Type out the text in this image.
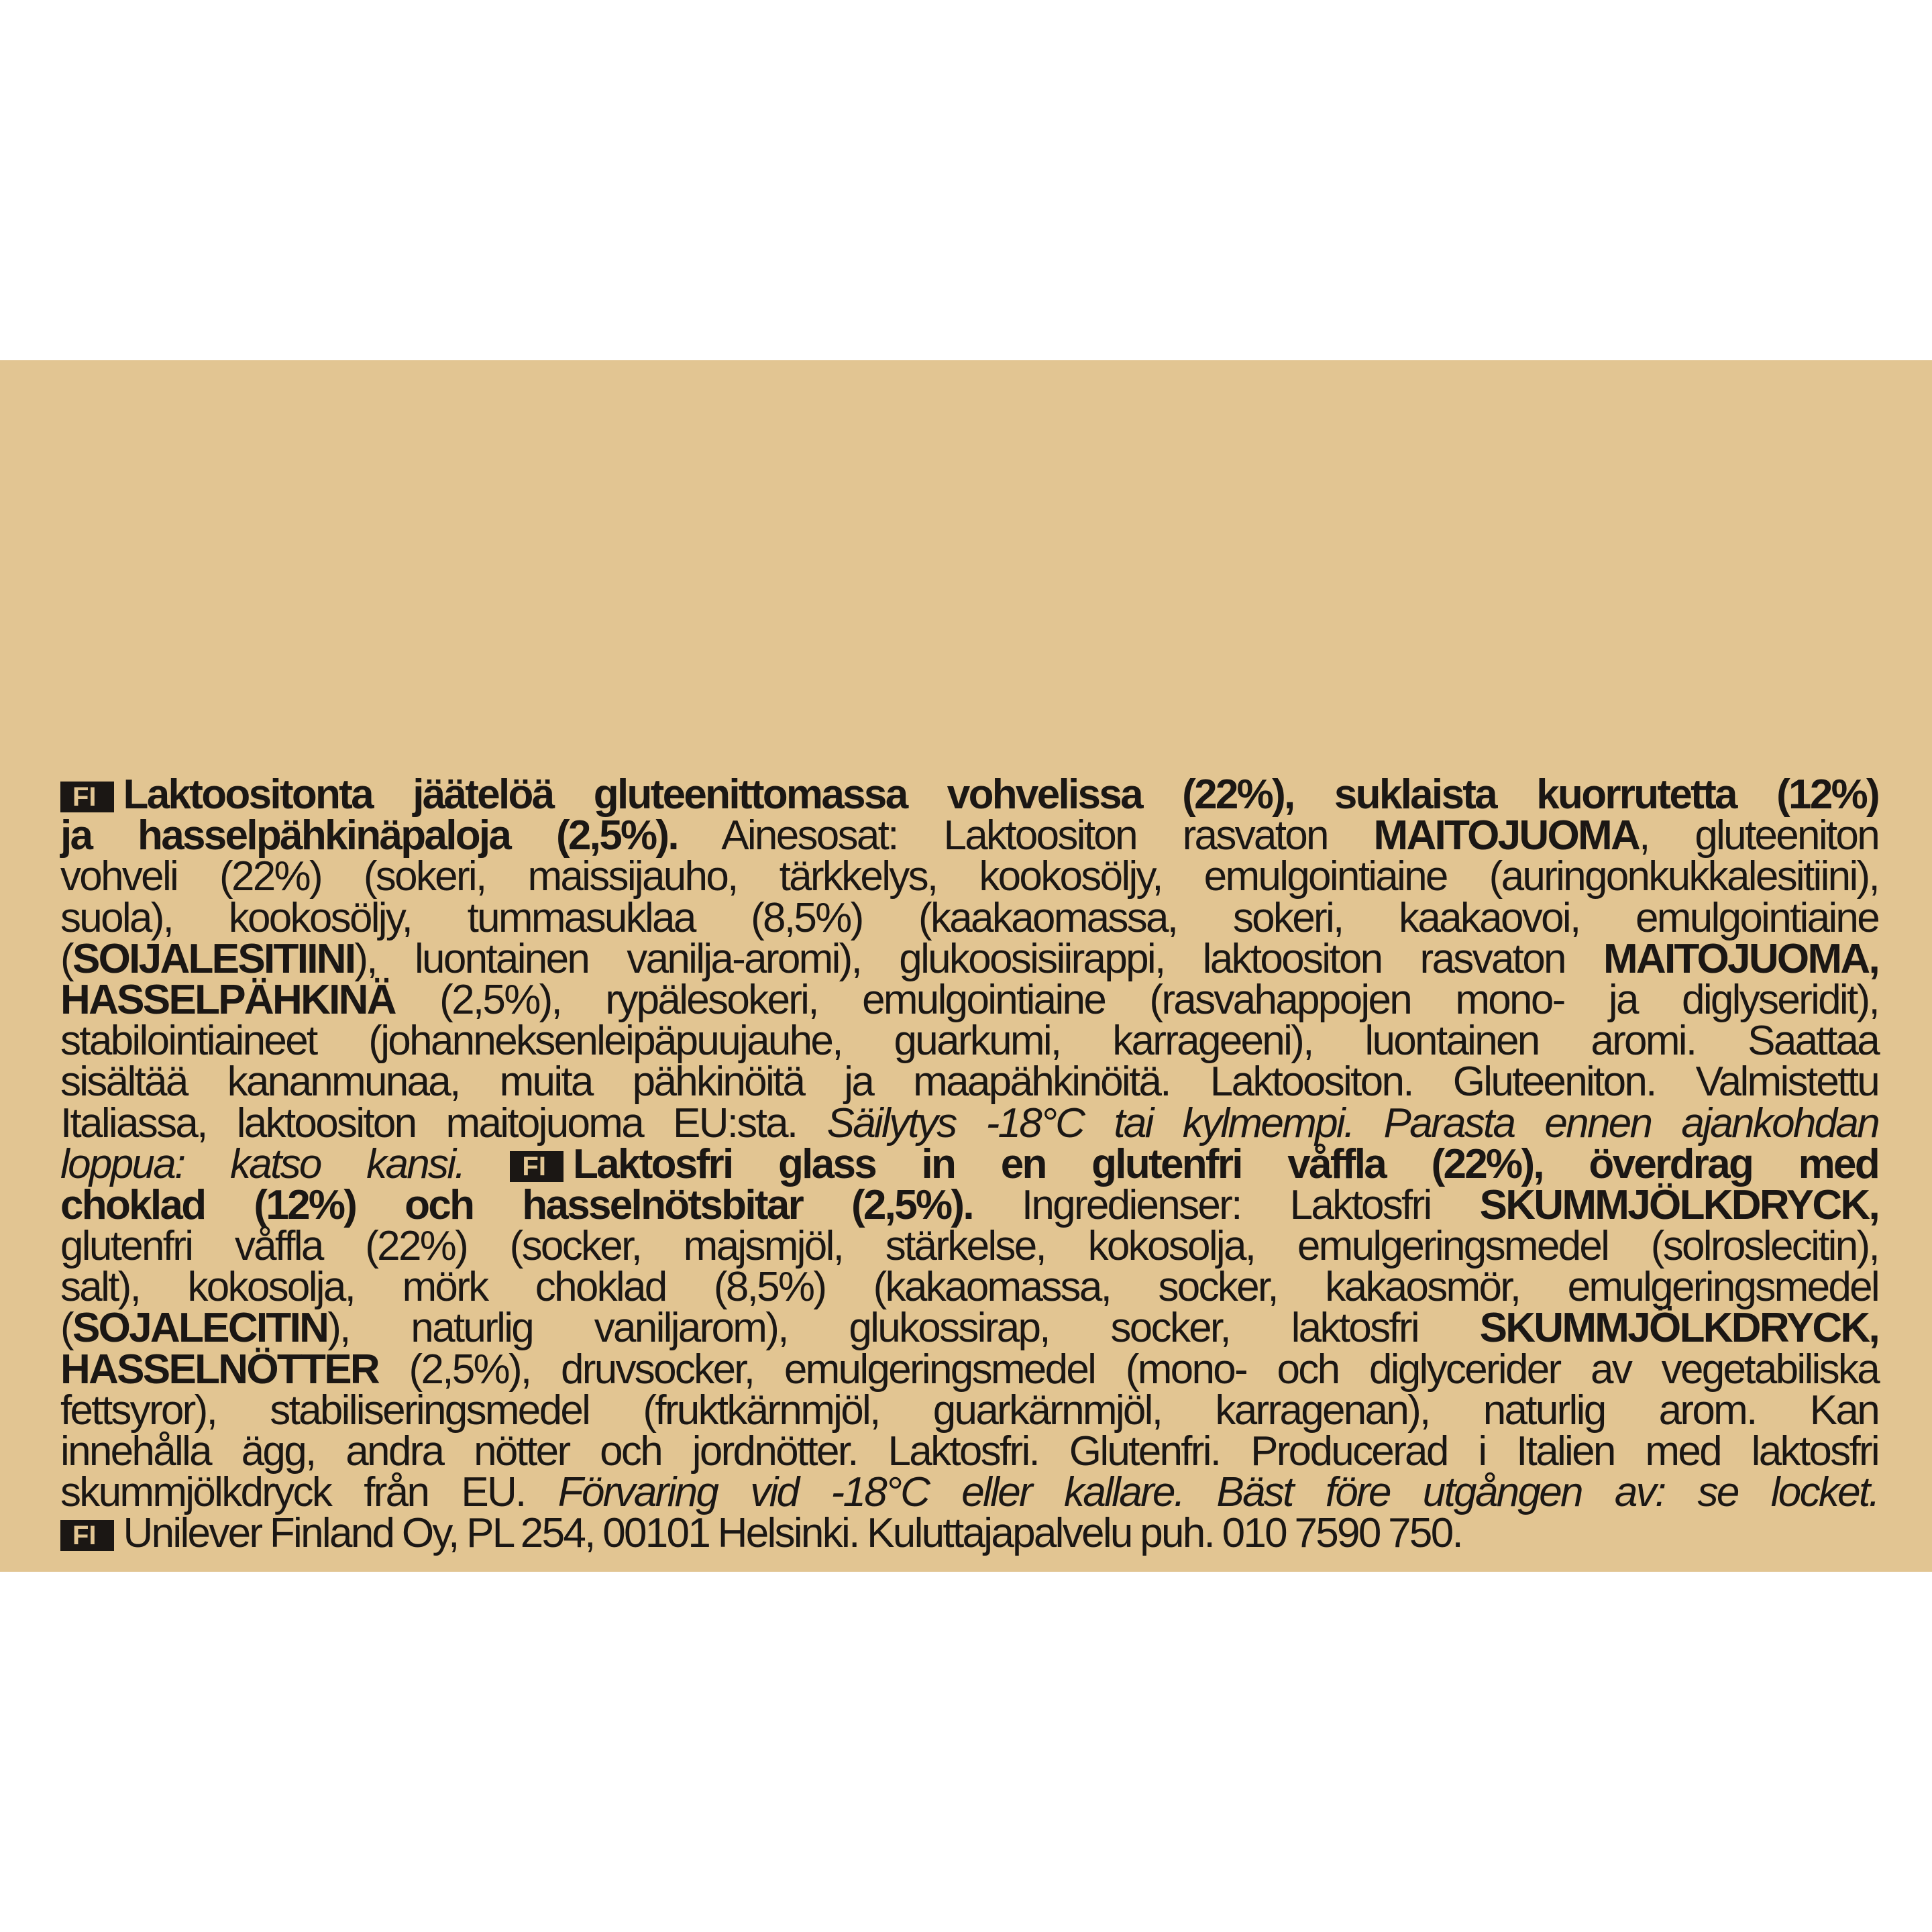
FI Laktoositonta jäätelöä gluteenittomassa vohvelissa (22%), suklaista kuorrutetta (12%)
ja hasselpähkinäpaloja (2,5%). Ainesosat: Laktoositon rasvaton MAITOJUOMA, gluteeniton
vohveli (22%) (sokeri, maissijauho, tärkkelys, kookosöljy, emulgointiaine (auringonkukkalesitiini),
suola), kookosöljy, tummasuklaa (8,5%) (kaakaomassa, sokeri, kaakaovoi, emulgointiaine
(SOIJALESITIINI), luontainen vanilja-aromi), glukoosisiirappi, laktoositon rasvaton MAITOJUOMA,
HASSELPÄHKINÄ (2,5%), rypälesokeri, emulgointiaine (rasvahappojen mono- ja diglyseridit),
stabilointiaineet (johanneksenleipäpuujauhe, guarkumi, karrageeni), luontainen aromi. Saattaa
sisältää kananmunaa, muita pähkinöitä ja maapähkinöitä. Laktoositon. Gluteeniton. Valmistettu
Italiassa, laktoositon maitojuoma EU:sta. Säilytys -18°C tai kylmempi. Parasta ennen ajankohdan
loppua: katso kansi. FI Laktosfri glass in en glutenfri våffla (22%), överdrag med
choklad (12%) och hasselnötsbitar (2,5%). Ingredienser: Laktosfri SKUMMJÖLKDRYCK,
glutenfri våffla (22%) (socker, majsmjöl, stärkelse, kokosolja, emulgeringsmedel (solroslecitin),
salt), kokosolja, mörk choklad (8,5%) (kakaomassa, socker, kakaosmör, emulgeringsmedel
(SOJALECITIN), naturlig vaniljarom), glukossirap, socker, laktosfri SKUMMJÖLKDRYCK,
HASSELNÖTTER (2,5%), druvsocker, emulgeringsmedel (mono- och diglycerider av vegetabiliska
fettsyror), stabiliseringsmedel (fruktkärnmjöl, guarkärnmjöl, karragenan), naturlig arom. Kan
innehålla ägg, andra nötter och jordnötter. Laktosfri. Glutenfri. Producerad i Italien med laktosfri
skummjölkdryck från EU. Förvaring vid -18°C eller kallare. Bäst före utgången av: se locket.
FI Unilever Finland Oy, PL 254, 00101 Helsinki. Kuluttajapalvelu puh. 010 7590 750.
